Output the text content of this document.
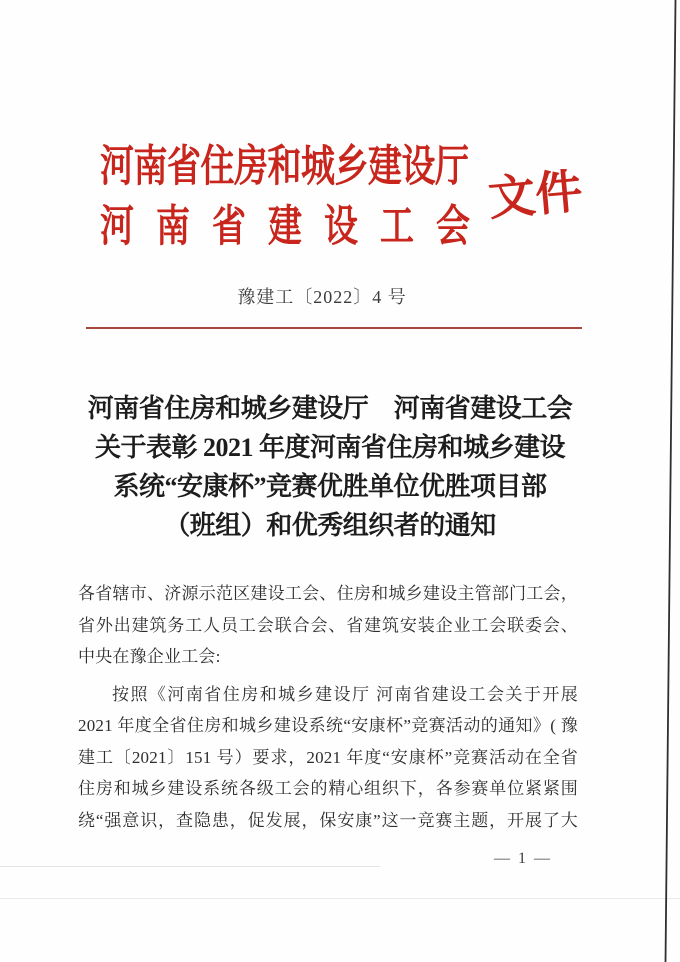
河南省住房和城乡建设厅
河南省建设工会
文件
豫建工〔2022〕4 号
河南省住房和城乡建设厅　河南省建设工会
关于表彰 2021 年度河南省住房和城乡建设
系统“安康杯”竞赛优胜单位优胜项目部
（班组）和优秀组织者的通知
各省辖市、济源示范区建设工会、住房和城乡建设主管部门工会，
省外出建筑务工人员工会联合会、省建筑安装企业工会联委会、
中央在豫企业工会:
按照《河南省住房和城乡建设厅 河南省建设工会关于开展
2021 年度全省住房和城乡建设系统“安康杯”竞赛活动的通知》( 豫
建工〔2021〕151 号）要求，2021 年度“安康杯”竞赛活动在全省
住房和城乡建设系统各级工会的精心组织下，各参赛单位紧紧围
绕“强意识，查隐患，促发展，保安康”这一竞赛主题，开展了大
— 1 —
